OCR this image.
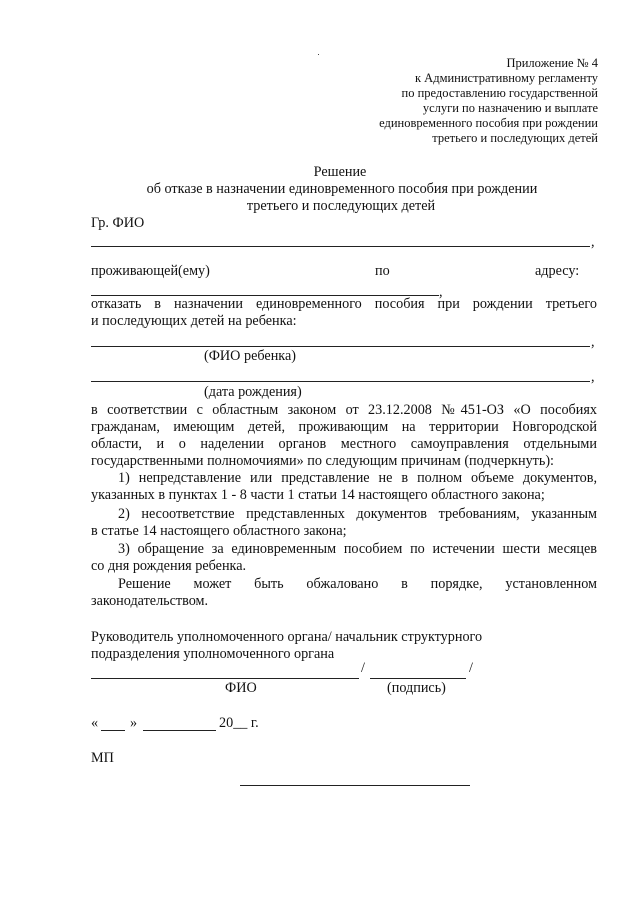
Приложение № 4
к Административному регламенту
по предоставлению государственной
услуги по назначению и выплате
единовременного пособия при рождении
третьего и последующих детей
Решение
об отказе в назначении единовременного пособия при рождении
третьего и последующих детей
Гр. ФИО
,
проживающей(ему)	по	адресу:
,
отказать в назначении единовременного пособия при рождении третьего
и последующих детей на ребенка:
,
(ФИО ребенка)
,
(дата рождения)
в соответствии с областным законом от 23.12.2008 №451-ОЗ «О пособиях
гражданам, имеющим детей, проживающим на территории Новгородской
области, и о наделении органов местного самоуправления отдельными
государственными полномочиями» по следующим причинам (подчеркнуть):
1) непредставление или представление не в полном объеме документов,
указанных в пунктах 1 - 8 части 1 статьи 14 настоящего областного закона;
2) несоответствие представленных документов требованиям, указанным
в статье 14 настоящего областного закона;
3) обращение за единовременным пособием по истечении шести месяцев
со дня рождения ребенка.
Решение может быть обжаловано в порядке, установленном
законодательством.
Руководитель уполномоченного органа/ начальник структурного
подразделения уполномоченного органа
/	/
ФИО	(подпись)
« »	20__ г.
МП
